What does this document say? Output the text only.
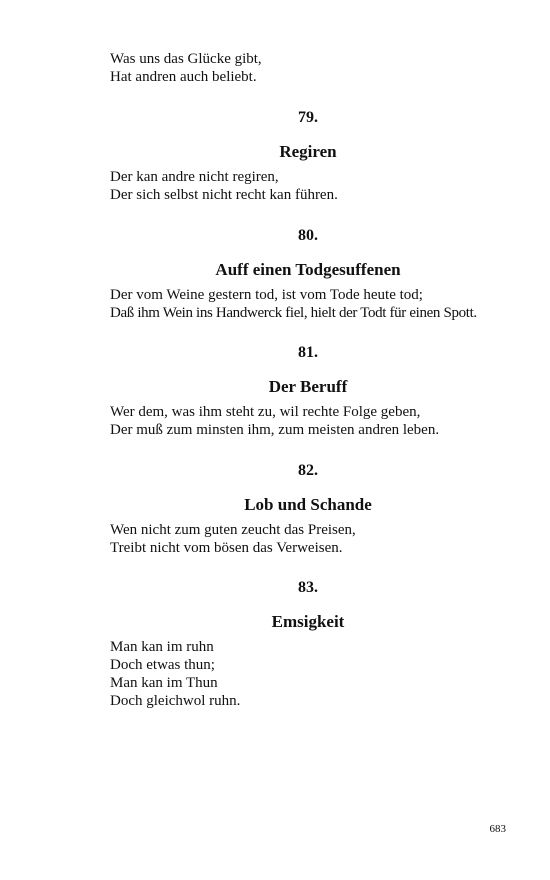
Was uns das Glücke gibt,
Hat andren auch beliebt.
79.
Regiren
Der kan andre nicht regiren,
Der sich selbst nicht recht kan führen.
80.
Auff einen Todgesuffenen
Der vom Weine gestern tod, ist vom Tode heute tod;
Daß ihm Wein ins Handwerck fiel, hielt der Todt für einen Spott.
81.
Der Beruff
Wer dem, was ihm steht zu, wil rechte Folge geben,
Der muß zum minsten ihm, zum meisten andren leben.
82.
Lob und Schande
Wen nicht zum guten zeucht das Preisen,
Treibt nicht vom bösen das Verweisen.
83.
Emsigkeit
Man kan im ruhn
Doch etwas thun;
Man kan im Thun
Doch gleichwol ruhn.
683
